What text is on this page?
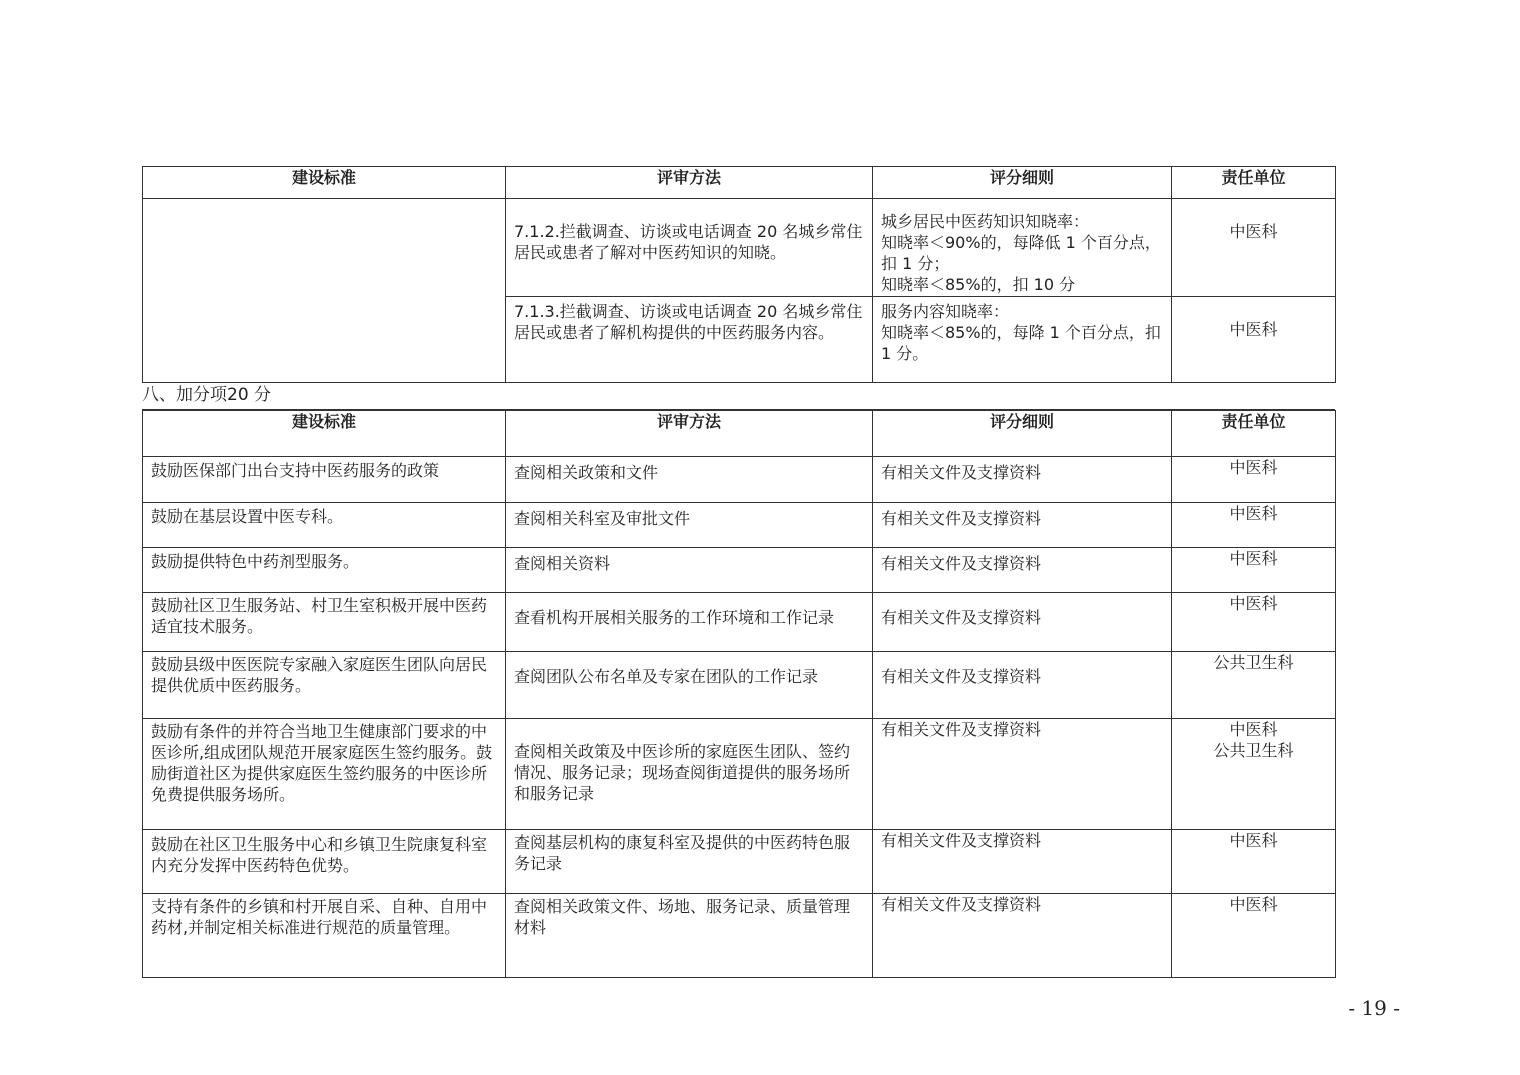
建设标准	评审方法	评分细则	责任单位
	7.1.2.拦截调查、访谈或电话调查 20 名城乡常住居民或患者了解对中医药知识的知晓。	城乡居民中医药知识知晓率：
知晓率＜90%的，每降低 1 个百分点，扣 1 分；
知晓率＜85%的，扣 10 分	中医科
	7.1.3.拦截调查、访谈或电话调查 20 名城乡常住居民或患者了解机构提供的中医药服务内容。	服务内容知晓率：
知晓率＜85%的，每降 1 个百分点，扣 1 分。	中医科
八、加分项20 分
建设标准	评审方法	评分细则	责任单位
鼓励医保部门出台支持中医药服务的政策	查阅相关政策和文件	有相关文件及支撑资料	中医科
鼓励在基层设置中医专科。	查阅相关科室及审批文件	有相关文件及支撑资料	中医科
鼓励提供特色中药剂型服务。	查阅相关资料	有相关文件及支撑资料	中医科
鼓励社区卫生服务站、村卫生室积极开展中医药适宜技术服务。	查看机构开展相关服务的工作环境和工作记录	有相关文件及支撑资料	中医科
鼓励县级中医医院专家融入家庭医生团队向居民提供优质中医药服务。	查阅团队公布名单及专家在团队的工作记录	有相关文件及支撑资料	公共卫生科
鼓励有条件的并符合当地卫生健康部门要求的中医诊所,组成团队规范开展家庭医生签约服务。鼓励街道社区为提供家庭医生签约服务的中医诊所免费提供服务场所。	查阅相关政策及中医诊所的家庭医生团队、签约情况、服务记录；现场查阅街道提供的服务场所和服务记录	有相关文件及支撑资料	中医科
公共卫生科
鼓励在社区卫生服务中心和乡镇卫生院康复科室内充分发挥中医药特色优势。	查阅基层机构的康复科室及提供的中医药特色服务记录	有相关文件及支撑资料	中医科
支持有条件的乡镇和村开展自采、自种、自用中药材,并制定相关标准进行规范的质量管理。	查阅相关政策文件、场地、服务记录、质量管理材料	有相关文件及支撑资料	中医科
- 19 -
